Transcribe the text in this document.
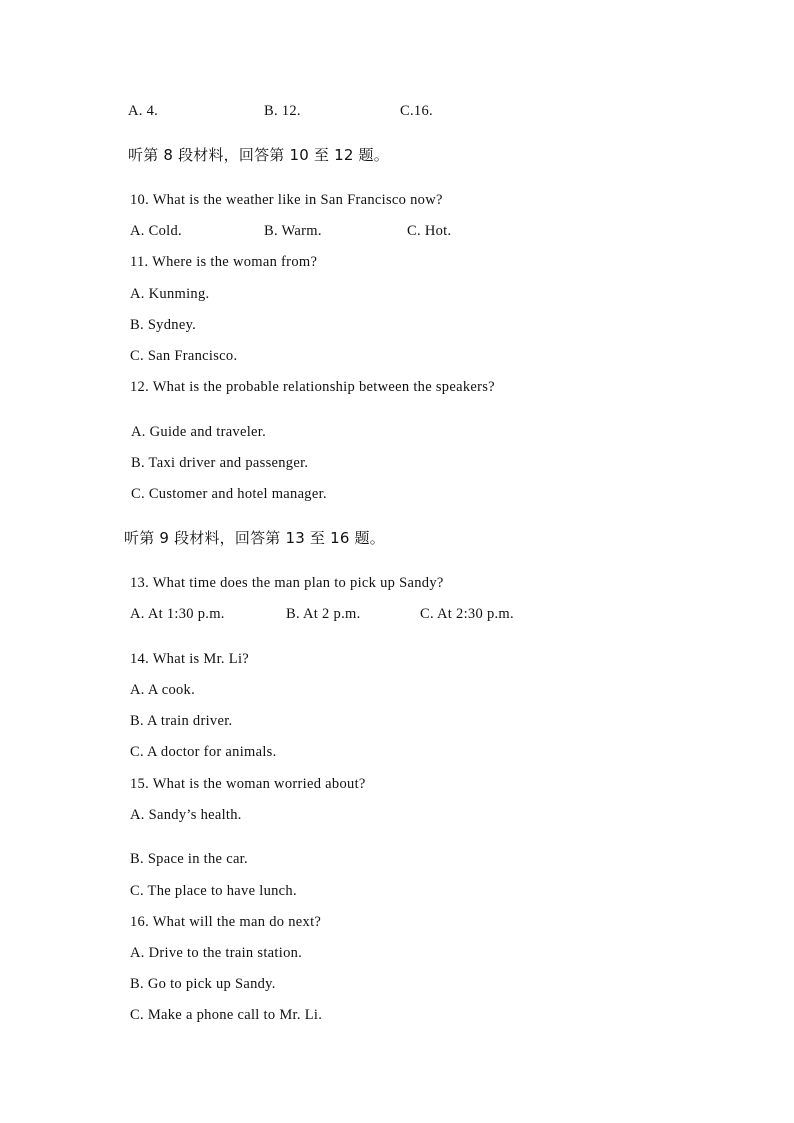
A. 4.	B. 12.	C.16.
听第 8 段材料，回答第 10 至 12 题。
10. What is the weather like in San Francisco now?
A. Cold.	B. Warm.	C. Hot.
11. Where is the woman from?
A. Kunming.
B. Sydney.
C. San Francisco.
12. What is the probable relationship between the speakers?
A. Guide and traveler.
B. Taxi driver and passenger.
C. Customer and hotel manager.
听第 9 段材料，回答第 13 至 16 题。
13. What time does the man plan to pick up Sandy?
A. At 1:30 p.m.	B. At 2 p.m.	C. At 2:30 p.m.
14. What is Mr. Li?
A. A cook.
B. A train driver.
C. A doctor for animals.
15. What is the woman worried about?
A. Sandy’s health.
B. Space in the car.
C. The place to have lunch.
16. What will the man do next?
A. Drive to the train station.
B. Go to pick up Sandy.
C. Make a phone call to Mr. Li.
